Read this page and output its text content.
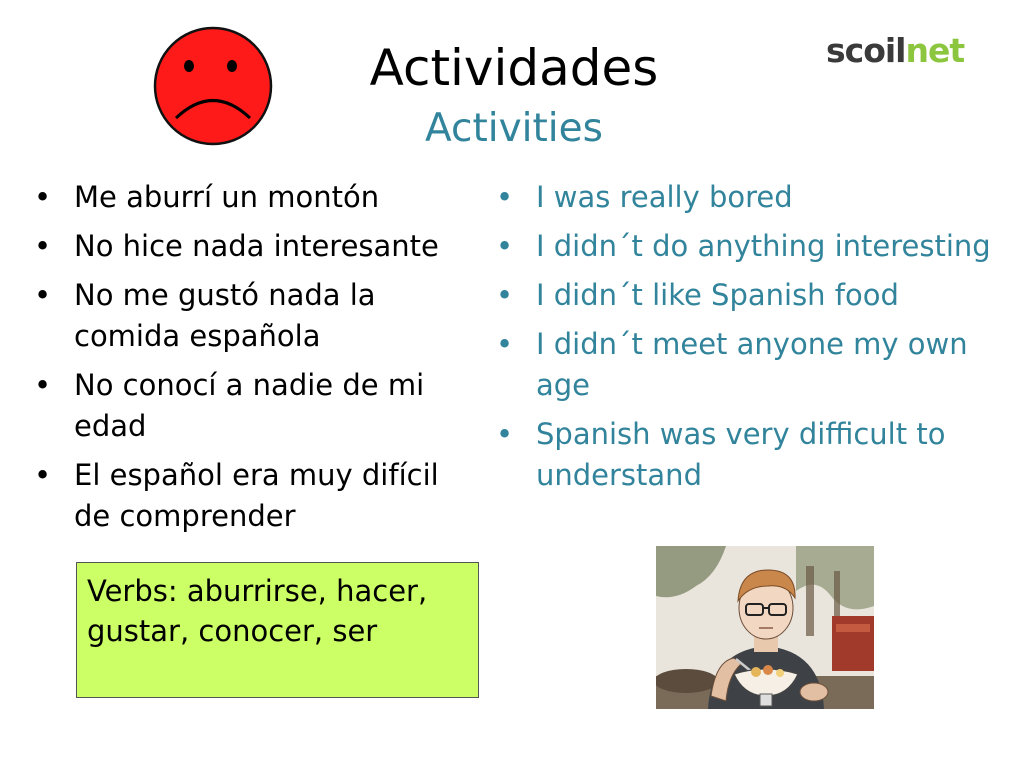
Actividades
Activities
scoilnet
• Me aburrí un montón
• No hice nada interesante
• No me gustó nada la comida española
• No conocí a nadie de mi edad
• El español era muy difícil de comprender
• I was really bored
• I didn´t do anything interesting
• I didn´t like Spanish food
• I didn´t meet anyone my own age
• Spanish was very difficult to understand
Verbs: aburrirse, hacer, gustar, conocer, ser
